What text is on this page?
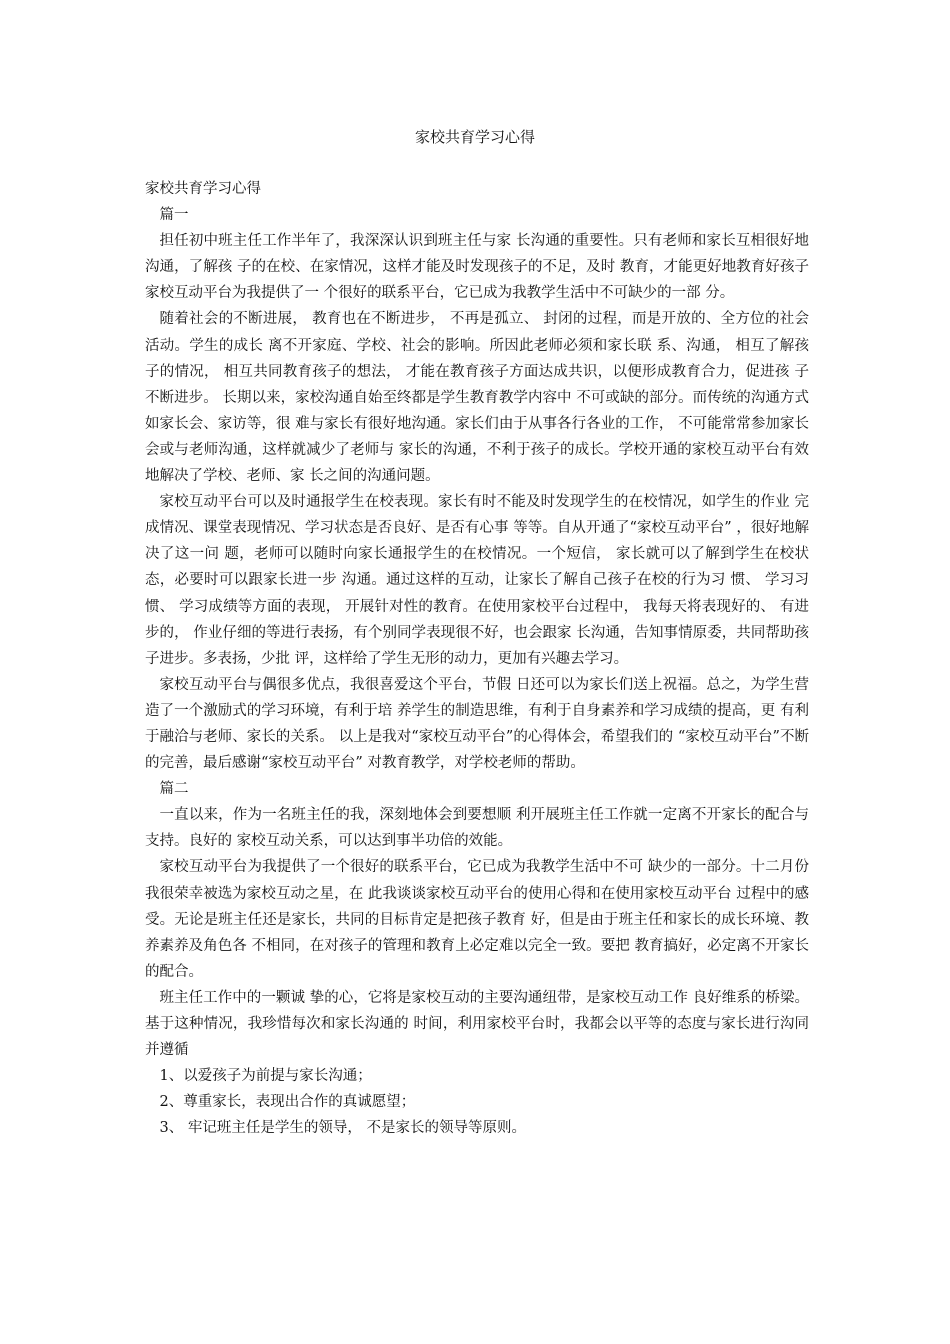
家校共育学习心得

家校共育学习心得

篇一

担任初中班主任工作半年了，我深深认识到班主任与家 长沟通的重要性。只有老师和家长互相很好地沟通，了解孩 子的在校、在家情况，这样才能及时发现孩子的不足，及时 教育，才能更好地教育好孩子家校互动平台为我提供了一 个很好的联系平台，它已成为我教学生活中不可缺少的一部 分。

随着社会的不断进展， 教育也在不断进步， 不再是孤立、 封闭的过程，而是开放的、全方位的社会活动。学生的成长 离不开家庭、学校、社会的影响。所因此老师必须和家长联 系、沟通， 相互了解孩子的情况， 相互共同教育孩子的想法， 才能在教育孩子方面达成共识，以便形成教育合力，促进孩 子不断进步。 长期以来，家校沟通自始至终都是学生教育教学内容中 不可或缺的部分。而传统的沟通方式如家长会、家访等，很 难与家长有很好地沟通。家长们由于从事各行各业的工作， 不可能常常参加家长会或与老师沟通，这样就减少了老师与 家长的沟通，不利于孩子的成长。学校开通的家校互动平台有效地解决了学校、老师、家 长之间的沟通问题。

家校互动平台可以及时通报学生在校表现。家长有时不能及时发现学生的在校情况，如学生的作业 完成情况、课堂表现情况、学习状态是否良好、是否有心事 等等。自从开通了“家校互动平台” ，很好地解决了这一问 题，老师可以随时向家长通报学生的在校情况。一个短信， 家长就可以了解到学生在校状态，必要时可以跟家长进一步 沟通。通过这样的互动，让家长了解自己孩子在校的行为习 惯、 学习习惯、 学习成绩等方面的表现， 开展针对性的教育。在使用家校平台过程中， 我每天将表现好的、 有进步的， 作业仔细的等进行表扬，有个别同学表现很不好，也会跟家 长沟通，告知事情原委，共同帮助孩子进步。多表扬，少批 评，这样给了学生无形的动力，更加有兴趣去学习。

家校互动平台与偶很多优点，我很喜爱这个平台，节假 日还可以为家长们送上祝福。总之，为学生营造了一个激励式的学习环境，有利于培 养学生的制造思维，有利于自身素养和学习成绩的提高，更 有利于融洽与老师、家长的关系。 以上是我对“家校互动平台”的心得体会，希望我们的 “家校互动平台”不断的完善，最后感谢“家校互动平台” 对教育教学，对学校老师的帮助。

篇二

一直以来，作为一名班主任的我，深刻地体会到要想顺 利开展班主任工作就一定离不开家长的配合与支持。良好的 家校互动关系，可以达到事半功倍的效能。

家校互动平台为我提供了一个很好的联系平台，它已成为我教学生活中不可 缺少的一部分。十二月份我很荣幸被选为家校互动之星，在 此我谈谈家校互动平台的使用心得和在使用家校互动平台 过程中的感受。无论是班主任还是家长，共同的目标肯定是把孩子教育 好，但是由于班主任和家长的成长环境、教养素养及角色各 不相同，在对孩子的管理和教育上必定难以完全一致。要把 教育搞好，必定离不开家长的配合。

班主任工作中的一颗诚 挚的心，它将是家校互动的主要沟通纽带，是家校互动工作 良好维系的桥梁。基于这种情况，我珍惜每次和家长沟通的 时间，利用家校平台时，我都会以平等的态度与家长进行沟同并遵循

1、以爱孩子为前提与家长沟通；

2、尊重家长，表现出合作的真诚愿望；

3、 牢记班主任是学生的领导， 不是家长的领导等原则。
